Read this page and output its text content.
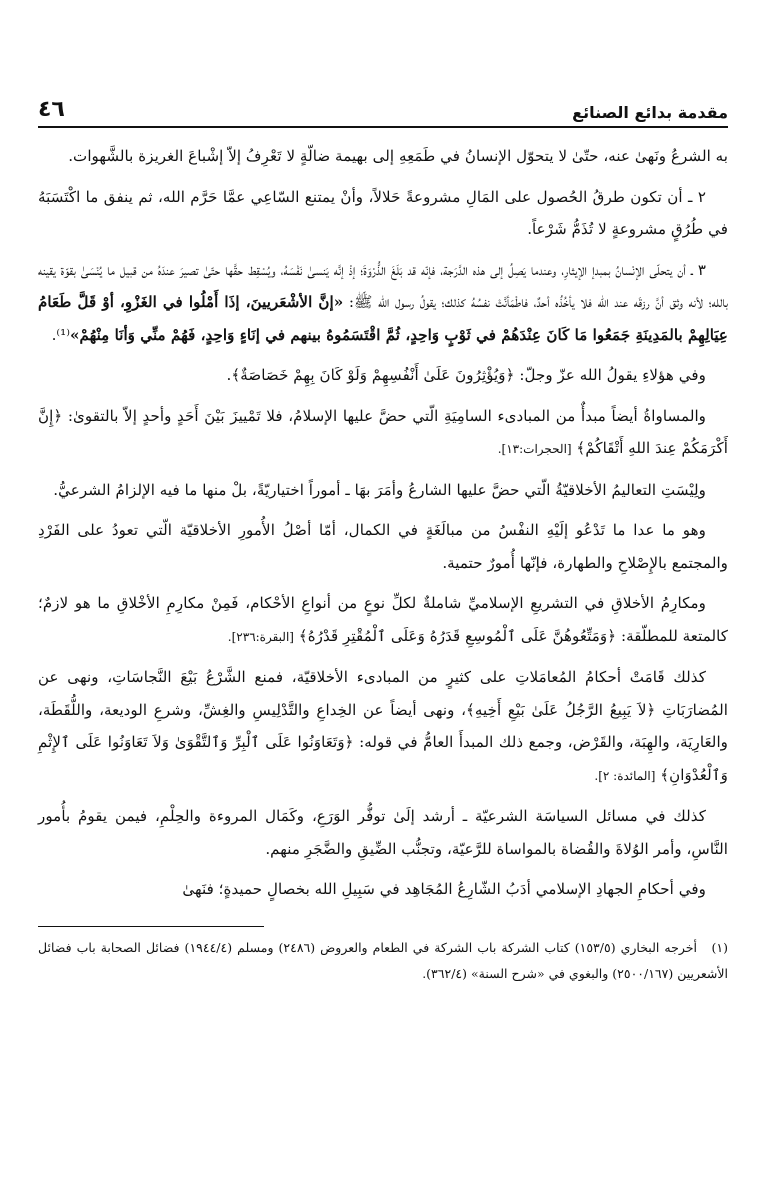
مقدمة بدائع الصنائع
٤٦

به الشرعُ ونَهىٰ عنه، حتّىٰ لا يتحوّل الإنسانُ في طَمَعِهِ إلى بهيمة ضالّةٍ لا تَعْرِفُ إلاّ إشْباعَ الغريزة بالشَّهوات.

٢ ـ أن تكون طرقُ الحُصول على المَالِ مشروعةً حَلالاً، وأنْ يمتنع السّاعِي عمَّا حَرَّم الله، ثم ينفق ما اكْتَسَبَهُ في طُرُقٍ مشروعةٍ لا تُذَمُّ شَرْعاً.

٣ ـ أن يتحلّى الإنْسانُ بمبدإ الإيثارِ، وعندما يَصِلُ إلى هذه الدَّرَجة، فإنّه قد بَلَغَ الذُّرْوَةَ؛ إذْ إنَّه يَنسىٰ نَفْسَهُ، ويُسْقِط حقَّها حتّىٰ تصيرَ عندَهُ من قبيل ما يُنْسَىٰ بقوّة يقينه بالله؛ لأنه وثق أنَّ رزقَه عند الله فلا يأخُذُه أحدٌ، فاطْمَأنَّتْ نفسُهُ كذلك؛ يقولُ رسول الله ﷺ: «إنَّ الأشْعَريينَ، إذَا أَمْلُوا في الغَزْوِ، أوْ قَلَّ طَعَامُ عِيَالِهِمْ بالمَدِينَةِ جَمَعُوا مَا كَانَ عِنْدَهُمْ في ثَوْبٍ وَاحِدٍ، ثُمَّ اقْتَسَمُوهُ بينهم في إنَاءٍ وَاحِدٍ، فَهُمْ منِّي وَأنَا مِنْهُمْ»⁽¹⁾.

وفي هؤلاءِ يقولُ الله عزّ وجلّ: ﴿وَيُؤْثِرُونَ عَلَىٰ أَنْفُسِهِمْ وَلَوْ كَانَ بِهِمْ خَصَاصَةٌ﴾.

والمساواةُ أيضاً مبدأٌ من المبادىء السامِيَةِ الّتي حضَّ عليها الإسلامُ، فلا تَمْييزَ بَيْنَ أَحَدٍ وأحدٍ إلاّ بالتقوىٰ: ﴿إِنَّ أَكْرَمَكُمْ عِندَ اللهِ أَتْقَاكُمْ﴾ [الحجرات:١٣].

ولِيْسَتِ التعاليمُ الأخلاقيّةُ الّتي حضَّ عليها الشارعُ وأمَرَ بهَا ـ أموراً اختياريّةً، بلْ منها ما فيه الإلزامُ الشرعيُّ.

وهو ما عدا ما تَدْعُو إلَيْهِ النفْسُ من مبالَغَةٍ في الكمال، أمّا أصْلُ الأُمورِ الأخلاقيّة الّتي تعودُ على الفَرْدِ والمجتمع بالإِصْلاحِ والطهارة، فإنّها أُمورٌ حتمية.

ومكارِمُ الأخلاقِ في التشريعِ الإسلاميِّ شاملةٌ لكلِّ نوعٍ من أنواعِ الأحْكام، فَمِنْ مكارِمِ الأخْلاقِ ما هو لازمٌ؛ كالمتعة للمطلّقة: ﴿وَمَتِّعُوهُنَّ عَلَى ٱلْمُوسِعِ قَدَرُهُ وَعَلَى ٱلْمُقْتِرِ قَدْرُهُ﴾ [البقرة:٢٣٦].

كذلك قَامَتْ أحكامُ المُعامَلاتِ على كثيرٍ من المبادىء الأخلاقيّة، فمنع الشَّرْعُ بَيْعَ النَّجاسَاتِ، ونهى عن المُضارَبَاتِ ﴿لاَ يَبِيعُ الرَّجُلُ عَلَىٰ بَيْعِ أَخِيهِ﴾، ونهى أيضاً عن الخِداعِ والتَّدْلِيسِ والغِشِّ، وشرعِ الوديعة، واللُّقَطَة، والعَارِيَة، والهِبَة، والقَرْض، وجمع ذلك المبدأَ العامُّ في قوله: ﴿وَتَعَاوَنُوا عَلَى ٱلْبِرِّ وَٱلتَّقْوَىٰ وَلاَ تَعَاوَنُوا عَلَى ٱلإِثْمِ وَٱلْعُدْوَانِ﴾ [المائدة: ٢].

كذلك في مسائل السياسَة الشرعيّة ـ أرشد إلَىٰ توفُّر الوَرَعِ، وكَمَال المروءة والحِلْمِ، فيمن يقومُ بأُمور النَّاسِ، وأمر الوُلاةَ والقُضاة بالمواساة للرَّعيّة، وتجنُّب الضِّيقِ والضَّجَرِ منهم.

وفي أحكامِ الجهادِ الإسلامي أدَبُ الشّارِعُ المُجَاهِد في سَبِيلِ الله بخصالٍ حميدةٍ؛ فنَهىٰ

(١) أخرجه البخاري (١٥٣/٥) كتاب الشركة باب الشركة في الطعام والعروض (٢٤٨٦) ومسلم (١٩٤٤/٤) فضائل الصحابة باب فضائل الأشعريين (٢٥٠٠/١٦٧) والبغوي في «شرح السنة» (٣٦٢/٤).
